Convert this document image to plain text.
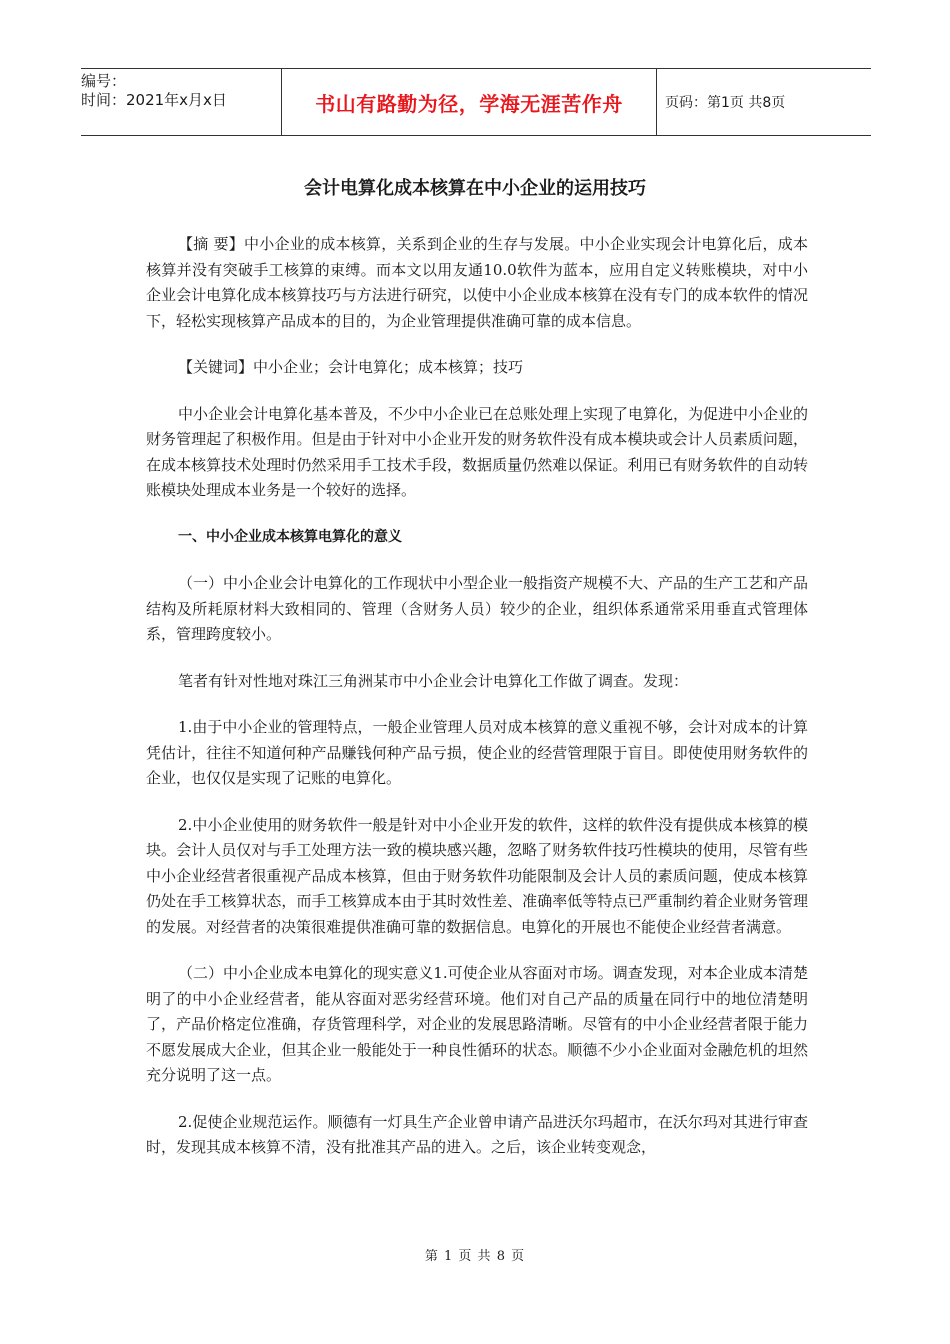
编号：
时间：2021年x月x日	书山有路勤为径，学海无涯苦作舟	页码：第1页 共8页
会计电算化成本核算在中小企业的运用技巧

【摘 要】中小企业的成本核算，关系到企业的生存与发展。中小企业实现会计电算化后，成本核算并没有突破手工核算的束缚。而本文以用友通10.0软件为蓝本，应用自定义转账模块，对中小企业会计电算化成本核算技巧与方法进行研究，以使中小企业成本核算在没有专门的成本软件的情况下，轻松实现核算产品成本的目的，为企业管理提供准确可靠的成本信息。

【关键词】中小企业；会计电算化；成本核算；技巧

中小企业会计电算化基本普及，不少中小企业已在总账处理上实现了电算化，为促进中小企业的财务管理起了积极作用。但是由于针对中小企业开发的财务软件没有成本模块或会计人员素质问题，在成本核算技术处理时仍然采用手工技术手段，数据质量仍然难以保证。利用已有财务软件的自动转账模块处理成本业务是一个较好的选择。

一、中小企业成本核算电算化的意义

（一）中小企业会计电算化的工作现状中小型企业一般指资产规模不大、产品的生产工艺和产品结构及所耗原材料大致相同的、管理（含财务人员）较少的企业，组织体系通常采用垂直式管理体系，管理跨度较小。

笔者有针对性地对珠江三角洲某市中小企业会计电算化工作做了调查。发现：

1.由于中小企业的管理特点，一般企业管理人员对成本核算的意义重视不够，会计对成本的计算凭估计，往往不知道何种产品赚钱何种产品亏损，使企业的经营管理限于盲目。即使使用财务软件的企业，也仅仅是实现了记账的电算化。

2.中小企业使用的财务软件一般是针对中小企业开发的软件，这样的软件没有提供成本核算的模块。会计人员仅对与手工处理方法一致的模块感兴趣，忽略了财务软件技巧性模块的使用，尽管有些中小企业经营者很重视产品成本核算，但由于财务软件功能限制及会计人员的素质问题，使成本核算仍处在手工核算状态，而手工核算成本由于其时效性差、准确率低等特点已严重制约着企业财务管理的发展。对经营者的决策很难提供准确可靠的数据信息。电算化的开展也不能使企业经营者满意。

（二）中小企业成本电算化的现实意义1.可使企业从容面对市场。调查发现，对本企业成本清楚明了的中小企业经营者，能从容面对恶劣经营环境。他们对自己产品的质量在同行中的地位清楚明了，产品价格定位准确，存货管理科学，对企业的发展思路清晰。尽管有的中小企业经营者限于能力不愿发展成大企业，但其企业一般能处于一种良性循环的状态。顺德不少小企业面对金融危机的坦然充分说明了这一点。

2.促使企业规范运作。顺德有一灯具生产企业曾申请产品进沃尔玛超市，在沃尔玛对其进行审查时，发现其成本核算不清，没有批准其产品的进入。之后，该企业转变观念，

第 1 页 共 8 页
